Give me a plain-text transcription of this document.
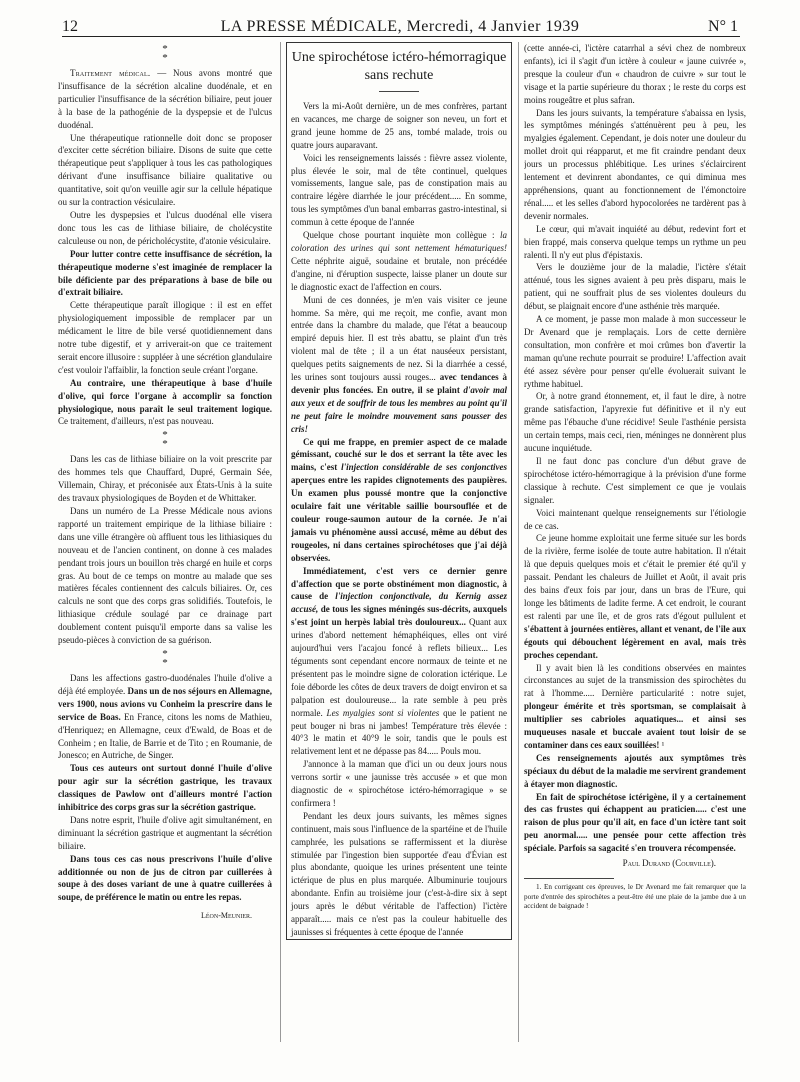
12	LA PRESSE MÉDICALE, Mercredi, 4 Janvier 1939	N° 1
*
*

Traitement médical. — Nous avons montré que l'insuffisance de la sécrétion alcaline duodénale, et en particulier l'insuffisance de la sécrétion biliaire, peut jouer à la base de la pathogénie de la dyspepsie et de l'ulcus duodénal.

Une thérapeutique rationnelle doit donc se proposer d'exciter cette sécrétion biliaire. Disons de suite que cette thérapeutique peut s'appliquer à tous les cas pathologiques dérivant d'une insuffisance biliaire qualitative ou quantitative, soit qu'on veuille agir sur la cellule hépatique ou sur la contraction vésiculaire.

Outre les dyspepsies et l'ulcus duodénal elle visera donc tous les cas de lithiase biliaire, de cholécystite calculeuse ou non, de péricholécystite, d'atonie vésiculaire.

Pour lutter contre cette insuffisance de sécrétion, la thérapeutique moderne s'est imaginée de remplacer la bile déficiente par des préparations à base de bile ou d'extrait biliaire.

Cette thérapeutique paraît illogique : il est en effet physiologiquement impossible de remplacer par un médicament le litre de bile versé quotidiennement dans notre tube digestif, et y arriverait-on que ce traitement serait encore illusoire : suppléer à une sécrétion glandulaire c'est vouloir l'affaiblir, la fonction seule créant l'organe.

Au contraire, une thérapeutique à base d'huile d'olive, qui force l'organe à accomplir sa fonction physiologique, nous paraît le seul traitement logique. Ce traitement, d'ailleurs, n'est pas nouveau.

*
*

Dans les cas de lithiase biliaire on la voit prescrite par des hommes tels que Chauffard, Dupré, Germain Sée, Villemain, Chiray, et préconisée aux États-Unis à la suite des travaux physiologiques de Boyden et de Whittaker.

Dans un numéro de La Presse Médicale nous avions rapporté un traitement empirique de la lithiase biliaire : dans une ville étrangère où affluent tous les lithiasiques du nouveau et de l'ancien continent, on donne à ces malades pendant trois jours un bouillon très chargé en huile et corps gras. Au bout de ce temps on montre au malade que ses matières fécales contiennent des calculs biliaires. Or, ces calculs ne sont que des corps gras solidifiés. Toutefois, le lithiasique crédule soulagé par ce drainage part doublement content puisqu'il emporte dans sa valise les pseudo-pièces à conviction de sa guérison.

*
*

Dans les affections gastro-duodénales l'huile d'olive a déjà été employée. Dans un de nos séjours en Allemagne, vers 1900, nous avions vu Conheim la prescrire dans le service de Boas. En France, citons les noms de Mathieu, d'Henriquez; en Allemagne, ceux d'Ewald, de Boas et de Conheim ; en Italie, de Barrie et de Tito ; en Roumanie, de Jonesco; en Autriche, de Singer.

Tous ces auteurs ont surtout donné l'huile d'olive pour agir sur la sécrétion gastrique, les travaux classiques de Pawlow ont d'ailleurs montré l'action inhibitrice des corps gras sur la sécrétion gastrique.

Dans notre esprit, l'huile d'olive agit simultanément, en diminuant la sécrétion gastrique et augmentant la sécrétion biliaire.

Dans tous ces cas nous prescrivons l'huile d'olive additionnée ou non de jus de citron par cuillerées à soupe à des doses variant de une à quatre cuillerées à soupe, de préférence le matin ou entre les repas.

Léon-Meunier.
Une spirochétose ictéro-hémorragique sans rechute

Vers la mi-Août dernière, un de mes confrères, partant en vacances, me charge de soigner son neveu, un fort et grand jeune homme de 25 ans, tombé malade, trois ou quatre jours auparavant.

Voici les renseignements laissés : fièvre assez violente, plus élevée le soir, mal de tête continuel, quelques vomissements, langue sale, pas de constipation mais au contraire légère diarrhée le jour précédent..... En somme, tous les symptômes d'un banal embarras gastro-intestinal, si commun à cette époque de l'année

Quelque chose pourtant inquiète mon collègue : la coloration des urines qui sont nettement hématuriques! Cette néphrite aiguë, soudaine et brutale, non précédée d'angine, ni d'éruption suspecte, laisse planer un doute sur le diagnostic exact de l'affection en cours.

Muni de ces données, je m'en vais visiter ce jeune homme. Sa mère, qui me reçoit, me confie, avant mon entrée dans la chambre du malade, que l'état a beaucoup empiré depuis hier. Il est très abattu, se plaint d'un très violent mal de tête ; il a un état nauséeux persistant, quelques petits saignements de nez. Si la diarrhée a cessé, les urines sont toujours aussi rouges... avec tendances à devenir plus foncées. En outre, il se plaint d'avoir mal aux yeux et de souffrir de tous les membres au point qu'il ne peut faire le moindre mouvement sans pousser des cris!

Ce qui me frappe, en premier aspect de ce malade gémissant, couché sur le dos et serrant la tête avec les mains, c'est l'injection considérable de ses conjonctives aperçues entre les rapides clignotements des paupières. Un examen plus poussé montre que la conjonctive oculaire fait une véritable saillie boursouflée et de couleur rouge-saumon autour de la cornée. Je n'ai jamais vu phénomène aussi accusé, même au début des rougeoles, ni dans certaines spirochétoses que j'ai déjà observées.

Immédiatement, c'est vers ce dernier genre d'affection que se porte obstinément mon diagnostic, à cause de l'injection conjonctivale, du Kernig assez accusé, de tous les signes méningés sus-décrits, auxquels s'est joint un herpès labial très douloureux... Quant aux urines d'abord nettement hémaphéiques, elles ont viré aujourd'hui vers l'acajou foncé à reflets bilieux... Les téguments sont cependant encore normaux de teinte et ne présentent pas le moindre signe de coloration ictérique. Le foie déborde les côtes de deux travers de doigt environ et sa palpation est douloureuse... la rate semble à peu près normale. Les myalgies sont si violentes que le patient ne peut bouger ni bras ni jambes! Température très élevée : 40°3 le matin et 40°9 le soir, tandis que le pouls est relativement lent et ne dépasse pas 84..... Pouls mou.

J'annonce à la maman que d'ici un ou deux jours nous verrons sortir « une jaunisse très accusée » et que mon diagnostic de « spirochétose ictéro-hémorragique » se confirmera !

Pendant les deux jours suivants, les mêmes signes continuent, mais sous l'influence de la spartéine et de l'huile camphrée, les pulsations se raffermissent et la diurèse stimulée par l'ingestion bien supportée d'eau d'Évian est plus abondante, quoique les urines présentent une teinte ictérique de plus en plus marquée. Albuminurie toujours abondante. Enfin au troisième jour (c'est-à-dire six à sept jours après le début véritable de l'affection) l'ictère apparaît..... mais ce n'est pas la couleur habituelle des jaunisses si fréquentes à cette époque de l'année

(cette année-ci, l'ictère catarrhal a sévi chez de nombreux enfants), ici il s'agit d'un ictère à couleur « jaune cuivrée », presque la couleur d'un « chaudron de cuivre » sur tout le visage et la partie supérieure du thorax ; le reste du corps est moins rougeâtre et plus safran.

Dans les jours suivants, la température s'abaissa en lysis, les symptômes méningés s'atténuèrent peu à peu, les myalgies également. Cependant, je dois noter une douleur du mollet droit qui réapparut, et me fit craindre pendant deux jours un processus phlébitique. Les urines s'éclaircirent lentement et devinrent abondantes, ce qui diminua mes appréhensions, quant au fonctionnement de l'émonctoire rénal..... et les selles d'abord hypocolorées ne tardèrent pas à devenir normales.

Le cœur, qui m'avait inquiété au début, redevint fort et bien frappé, mais conserva quelque temps un rythme un peu ralenti. Il n'y eut plus d'épistaxis.

Vers le douzième jour de la maladie, l'ictère s'était atténué, tous les signes avaient à peu près disparu, mais le patient, qui ne souffrait plus de ses violentes douleurs du début, se plaignait encore d'une asthénie très marquée.

A ce moment, je passe mon malade à mon successeur le Dr Avenard que je remplaçais. Lors de cette dernière consultation, mon confrère et moi crûmes bon d'avertir la maman qu'une rechute pourrait se produire! L'affection avait été assez sévère pour penser qu'elle évoluerait suivant le rythme habituel.

Or, à notre grand étonnement, et, il faut le dire, à notre grande satisfaction, l'apyrexie fut définitive et il n'y eut même pas l'ébauche d'une récidive! Seule l'asthénie persista un certain temps, mais ceci, rien, méninges ne donnèrent plus aucune inquiétude.

Il ne faut donc pas conclure d'un début grave de spirochétose ictéro-hémorragique à la prévision d'une forme classique à rechute. C'est simplement ce que je voulais signaler.

Voici maintenant quelque renseignements sur l'étiologie de ce cas.

Ce jeune homme exploitait une ferme située sur les bords de la rivière, ferme isolée de toute autre habitation. Il n'était là que depuis quelques mois et c'était le premier été qu'il y passait. Pendant les chaleurs de Juillet et Août, il avait pris des bains d'eux fois par jour, dans un bras de l'Eure, qui longe les bâtiments de ladite ferme. A cet endroit, le courant est ralenti par une île, et de gros rats d'égout pullulent et s'ébattent à journées entières, allant et venant, de l'île aux égouts qui débouchent légèrement en aval, mais très proches cependant.

Il y avait bien là les conditions observées en maintes circonstances au sujet de la transmission des spirochètes du rat à l'homme..... Dernière particularité : notre sujet, plongeur émérite et très sportsman, se complaisait à multiplier ses cabrioles aquatiques... et ainsi ses muqueuses nasale et buccale avaient tout loisir de se contaminer dans ces eaux souillées! ¹

Ces renseignements ajoutés aux symptômes très spéciaux du début de la maladie me servirent grandement à étayer mon diagnostic.

En fait de spirochétose ictérigène, il y a certainement des cas frustes qui échappent au praticien..... c'est une raison de plus pour qu'il ait, en face d'un ictère tant soit peu anormal..... une pensée pour cette affection très spéciale. Parfois sa sagacité s'en trouvera récompensée.

Paul Durand (Courville).

1. En corrigeant ces épreuves, le Dr Avenard me fait remarquer que la porte d'entrée des spirochètes a peut-être été une plaie de la jambe due à un accident de baignade !
